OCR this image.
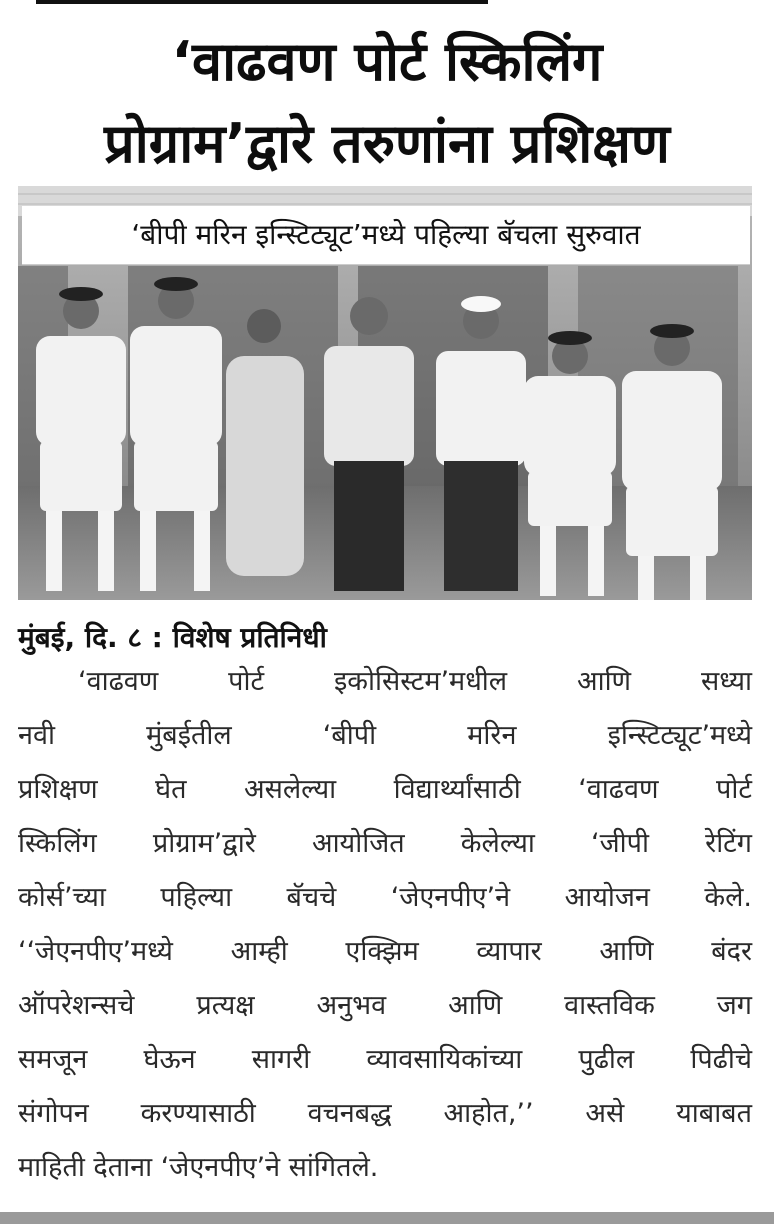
‘वाढवण पोर्ट स्किलिंग
प्रोग्राम’द्वारे तरुणांना प्रशिक्षण
‘बीपी मरिन इन्स्टिट्यूट’मध्ये पहिल्या बॅचला सुरुवात
मुंबई, दि. ८ : विशेष प्रतिनिधी
‘वाढवण पोर्ट इकोसिस्टम’मधील आणि सध्या
नवी मुंबईतील ‘बीपी मरिन इन्स्टिट्यूट’मध्ये
प्रशिक्षण घेत असलेल्या विद्यार्थ्यांसाठी ‘वाढवण पोर्ट
स्किलिंग प्रोग्राम’द्वारे आयोजित केलेल्या ‘जीपी रेटिंग
कोर्स’च्या पहिल्या बॅचचे ‘जेएनपीए’ने आयोजन केले.
‘‘जेएनपीए’मध्ये आम्ही एक्झिम व्यापार आणि बंदर
ऑपरेशन्सचे प्रत्यक्ष अनुभव आणि वास्तविक जग
समजून घेऊन सागरी व्यावसायिकांच्या पुढील पिढीचे
संगोपन करण्यासाठी वचनबद्ध आहोत,’’ असे याबाबत
माहिती देताना ‘जेएनपीए’ने सांगितले.
